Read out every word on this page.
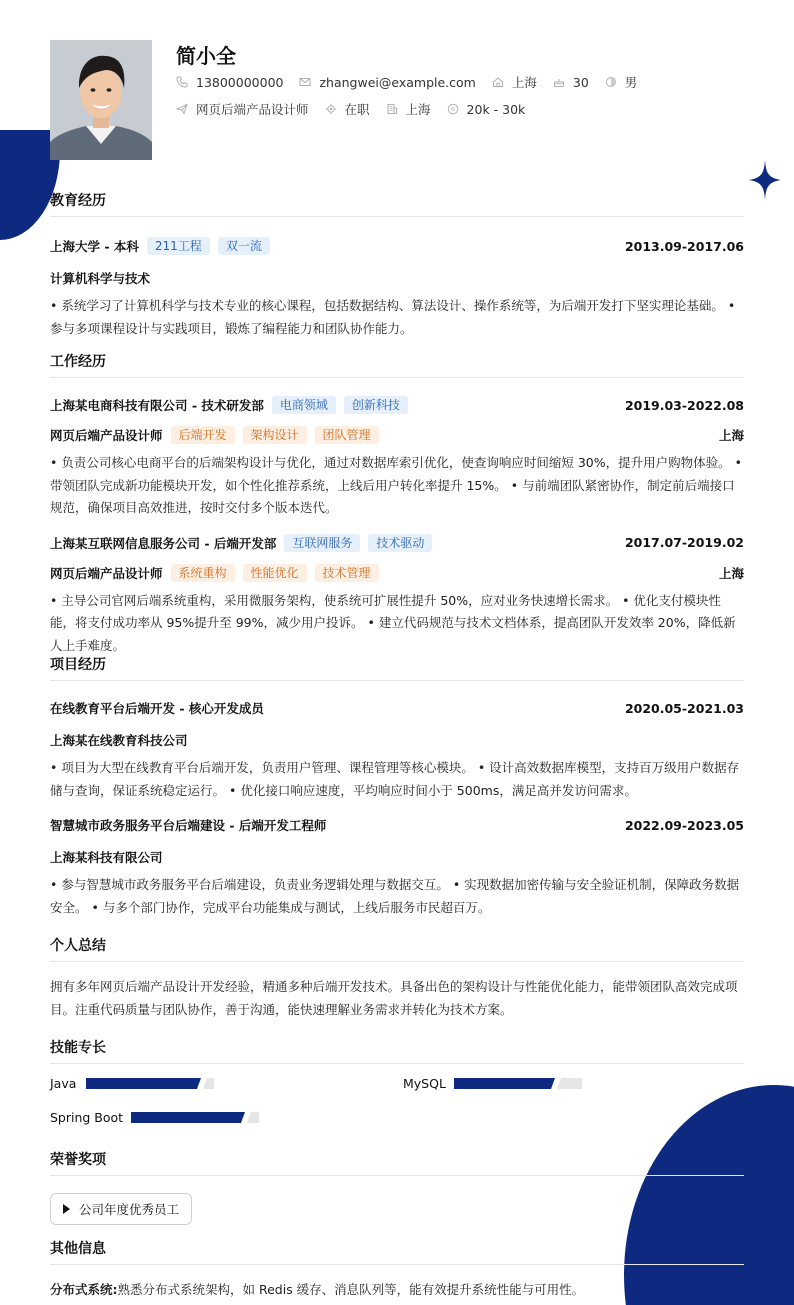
简小全
13800000000	zhangwei@example.com	上海	30	男
网页后端产品设计师	在职	上海	20k - 30k
教育经历
上海大学 - 本科	211工程	双一流	2013.09-2017.06
计算机科学与技术
• 系统学习了计算机科学与技术专业的核心课程，包括数据结构、算法设计、操作系统等，为后端开发打下坚实理论基础。 • 参与多项课程设计与实践项目，锻炼了编程能力和团队协作能力。
工作经历
上海某电商科技有限公司 - 技术研发部	电商领域	创新科技	2019.03-2022.08
网页后端产品设计师	后端开发	架构设计	团队管理	上海
• 负责公司核心电商平台的后端架构设计与优化，通过对数据库索引优化，使查询响应时间缩短 30%，提升用户购物体验。 • 带领团队完成新功能模块开发，如个性化推荐系统，上线后用户转化率提升 15%。 • 与前端团队紧密协作，制定前后端接口规范，确保项目高效推进，按时交付多个版本迭代。
上海某互联网信息服务公司 - 后端开发部	互联网服务	技术驱动	2017.07-2019.02
网页后端产品设计师	系统重构	性能优化	技术管理	上海
• 主导公司官网后端系统重构，采用微服务架构，使系统可扩展性提升 50%，应对业务快速增长需求。 • 优化支付模块性能，将支付成功率从 95%提升至 99%，减少用户投诉。 • 建立代码规范与技术文档体系，提高团队开发效率 20%，降低新人上手难度。
项目经历
在线教育平台后端开发 - 核心开发成员	2020.05-2021.03
上海某在线教育科技公司
• 项目为大型在线教育平台后端开发，负责用户管理、课程管理等核心模块。 • 设计高效数据库模型，支持百万级用户数据存储与查询，保证系统稳定运行。 • 优化接口响应速度，平均响应时间小于 500ms，满足高并发访问需求。
智慧城市政务服务平台后端建设 - 后端开发工程师	2022.09-2023.05
上海某科技有限公司
• 参与智慧城市政务服务平台后端建设，负责业务逻辑处理与数据交互。 • 实现数据加密传输与安全验证机制，保障政务数据安全。 • 与多个部门协作，完成平台功能集成与测试，上线后服务市民超百万。
个人总结
拥有多年网页后端产品设计开发经验，精通多种后端开发技术。具备出色的架构设计与性能优化能力，能带领团队高效完成项目。注重代码质量与团队协作，善于沟通，能快速理解业务需求并转化为技术方案。
技能专长
Java	MySQL
Spring Boot
荣誉奖项
公司年度优秀员工
其他信息
分布式系统:熟悉分布式系统架构，如 Redis 缓存、消息队列等，能有效提升系统性能与可用性。
